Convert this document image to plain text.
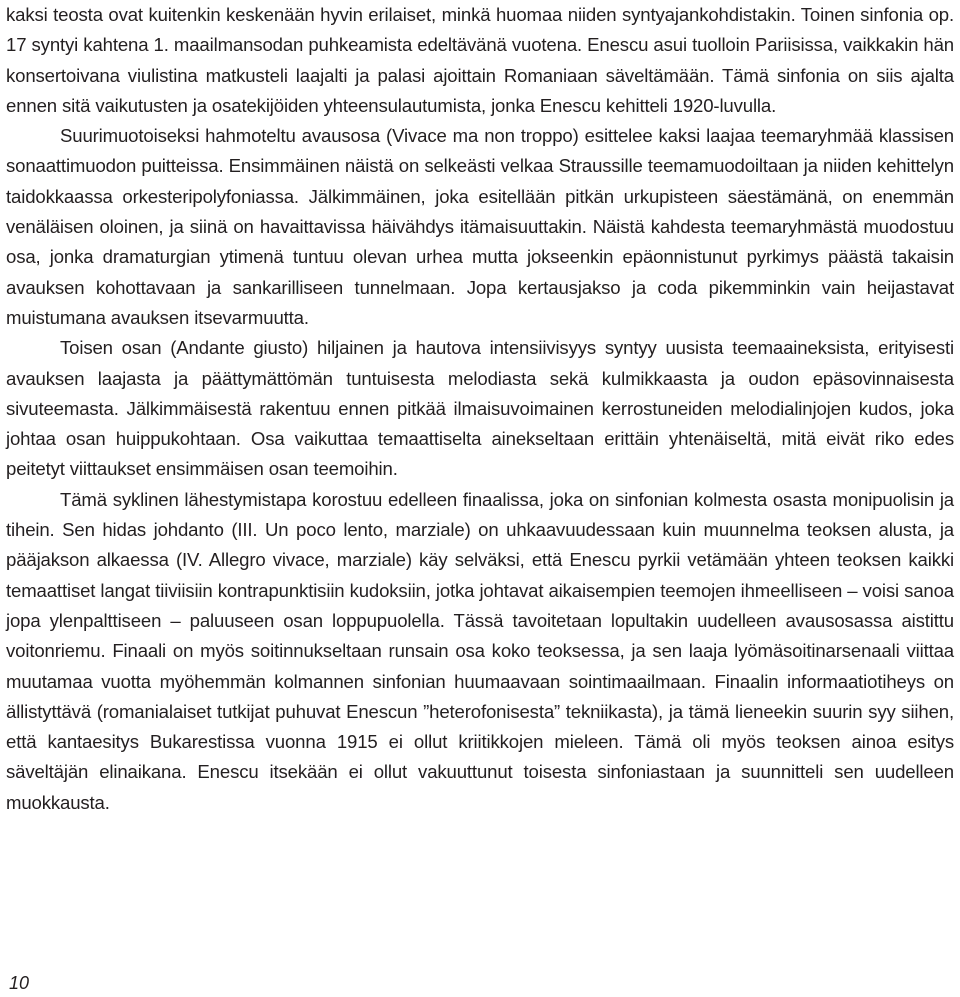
kaksi teosta ovat kuitenkin keskenään hyvin erilaiset, minkä huomaa niiden syntyajankohdistakin. Toinen sinfonia op. 17 syntyi kahtena 1. maailmansodan puhkeamista edeltävänä vuotena. Enescu asui tuolloin Pariisissa, vaikkakin hän konsertoivana viulistina matkusteli laajalti ja palasi ajoittain Romaniaan säveltämään. Tämä sinfonia on siis ajalta ennen sitä vaikutusten ja osatekijöiden yhteensulautumista, jonka Enescu kehitteli 1920-luvulla.

Suurimuotoiseksi hahmoteltu avausosa (Vivace ma non troppo) esittelee kaksi laajaa teemaryhmää klassisen sonaattimuodon puitteissa. Ensimmäinen näistä on selkeästi velkaa Straussille teemamuodoiltaan ja niiden kehittelyn taidokkaassa orkesteripolyfoniassa. Jälkimmäinen, joka esitellään pitkän urkupisteen säestämänä, on enemmän venäläisen oloinen, ja siinä on havaittavissa häivähdys itämaisuuttakin. Näistä kahdesta teemaryhmästä muodostuu osa, jonka dramaturgian ytimenä tuntuu olevan urhea mutta jokseenkin epäonnistunut pyrkimys päästä takaisin avauksen kohottavaan ja sankarilliseen tunnelmaan. Jopa kertausjakso ja coda pikemminkin vain heijastavat muistumana avauksen itsevarmuutta.

Toisen osan (Andante giusto) hiljainen ja hautova intensiivisyys syntyy uusista teemaaineksista, erityisesti avauksen laajasta ja päättymättömän tuntuisesta melodiasta sekä kulmikkaasta ja oudon epäsovinnaisesta sivuteemasta. Jälkimmäisestä rakentuu ennen pitkää ilmaisuvoimainen kerrostuneiden melodialinjojen kudos, joka johtaa osan huippukohtaan. Osa vaikuttaa temaattiselta ainekseltaan erittäin yhtenäiseltä, mitä eivät riko edes peitetyt viittaukset ensimmäisen osan teemoihin.

Tämä syklinen lähestymistapa korostuu edelleen finaalissa, joka on sinfonian kolmesta osasta monipuolisin ja tihein. Sen hidas johdanto (III. Un poco lento, marziale) on uhkaavuudessaan kuin muunnelma teoksen alusta, ja pääjakson alkaessa (IV. Allegro vivace, marziale) käy selväksi, että Enescu pyrkii vetämään yhteen teoksen kaikki temaattiset langat tiiviisiin kontrapunktisiin kudoksiin, jotka johtavat aikaisempien teemojen ihmeelliseen – voisi sanoa jopa ylenpalttiseen – paluuseen osan loppupuolella. Tässä tavoitetaan lopultakin uudelleen avausosassa aistittu voitonriemu. Finaali on myös soitinnukseltaan runsain osa koko teoksessa, ja sen laaja lyömäsoitinarsenaali viittaa muutamaa vuotta myöhemmän kolmannen sinfonian huumaavaan sointimaailmaan. Finaalin informaatiotiheys on ällistyttävä (romanialaiset tutkijat puhuvat Enescun ”heterofonisesta” tekniikasta), ja tämä lieneekin suurin syy siihen, että kantaesitys Bukarestissa vuonna 1915 ei ollut kriitikkojen mieleen. Tämä oli myös teoksen ainoa esitys säveltäjän elinaikana. Enescu itsekään ei ollut vakuuttunut toisesta sinfoniastaan ja suunnitteli sen uudelleen muokkausta.

10
